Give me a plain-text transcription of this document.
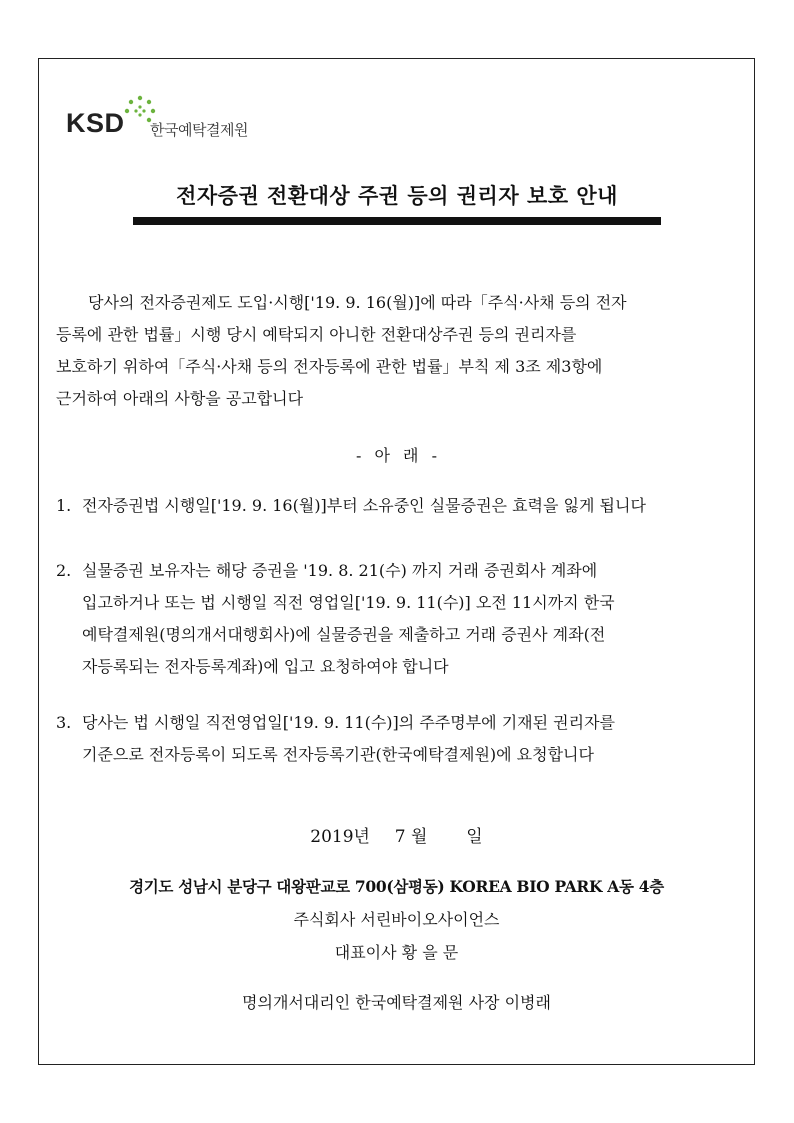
KSD 한국예탁결제원
전자증권 전환대상 주권 등의 권리자 보호 안내
당사의 전자증권제도 도입·시행['19. 9. 16(월)]에 따라「주식·사채 등의 전자
등록에 관한 법률」시행 당시 예탁되지 아니한 전환대상주권 등의 권리자를
보호하기 위하여「주식·사채 등의 전자등록에 관한 법률」부칙 제 3조 제3항에
근거하여 아래의 사항을 공고합니다
- 아 래 -
1. 전자증권법 시행일['19. 9. 16(월)]부터 소유중인 실물증권은 효력을 잃게 됩니다
2. 실물증권 보유자는 해당 증권을 '19. 8. 21(수) 까지 거래 증권회사 계좌에
입고하거나 또는 법 시행일 직전 영업일['19. 9. 11(수)] 오전 11시까지 한국
예탁결제원(명의개서대행회사)에 실물증권을 제출하고 거래 증권사 계좌(전
자등록되는 전자등록계좌)에 입고 요청하여야 합니다
3. 당사는 법 시행일 직전영업일['19. 9. 11(수)]의 주주명부에 기재된 권리자를
기준으로 전자등록이 되도록 전자등록기관(한국예탁결제원)에 요청합니다
2019년 7 월 일
경기도 성남시 분당구 대왕판교로 700(삼평동) KOREA BIO PARK A동 4층
주식회사 서린바이오사이언스
대표이사 황 을 문
명의개서대리인 한국예탁결제원 사장 이병래
